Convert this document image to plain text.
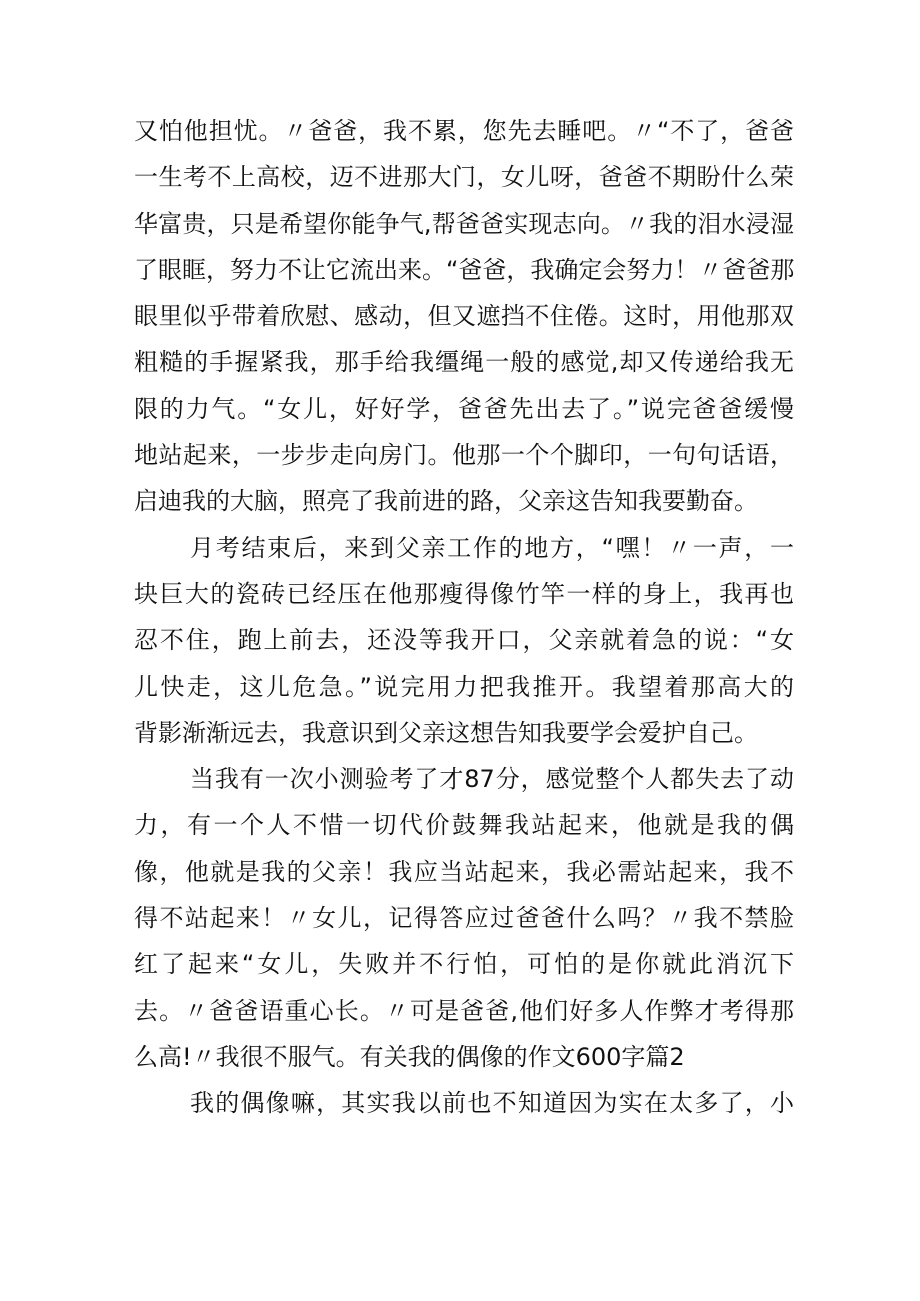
又怕他担忧。〃爸爸，我不累，您先去睡吧。〃“不了，爸爸
一生考不上高校，迈不进那大门，女儿呀，爸爸不期盼什么荣
华富贵，只是希望你能争气,帮爸爸实现志向。〃我的泪水浸湿
了眼眶，努力不让它流出来。“爸爸，我确定会努力！〃爸爸那
眼里似乎带着欣慰、感动，但又遮挡不住倦。这时，用他那双
粗糙的手握紧我，那手给我缰绳一般的感觉,却又传递给我无
限的力气。“女儿，好好学，爸爸先出去了。”说完爸爸缓慢
地站起来，一步步走向房门。他那一个个脚印，一句句话语，
启迪我的大脑，照亮了我前进的路，父亲这告知我要勤奋。
月考结束后，来到父亲工作的地方，“嘿！〃一声，一
块巨大的瓷砖已经压在他那瘦得像竹竿一样的身上，我再也
忍不住，跑上前去，还没等我开口，父亲就着急的说：“女
儿快走，这儿危急。”说完用力把我推开。我望着那高大的
背影渐渐远去，我意识到父亲这想告知我要学会爱护自己。
当我有一次小测验考了才87分，感觉整个人都失去了动
力，有一个人不惜一切代价鼓舞我站起来，他就是我的偶
像，他就是我的父亲！我应当站起来，我必需站起来，我不
得不站起来！〃女儿，记得答应过爸爸什么吗？〃我不禁脸
红了起来“女儿，失败并不行怕，可怕的是你就此消沉下
去。〃爸爸语重心长。〃可是爸爸,他们好多人作弊才考得那
么高!〃我很不服气。有关我的偶像的作文600字篇2
我的偶像嘛，其实我以前也不知道因为实在太多了，小
